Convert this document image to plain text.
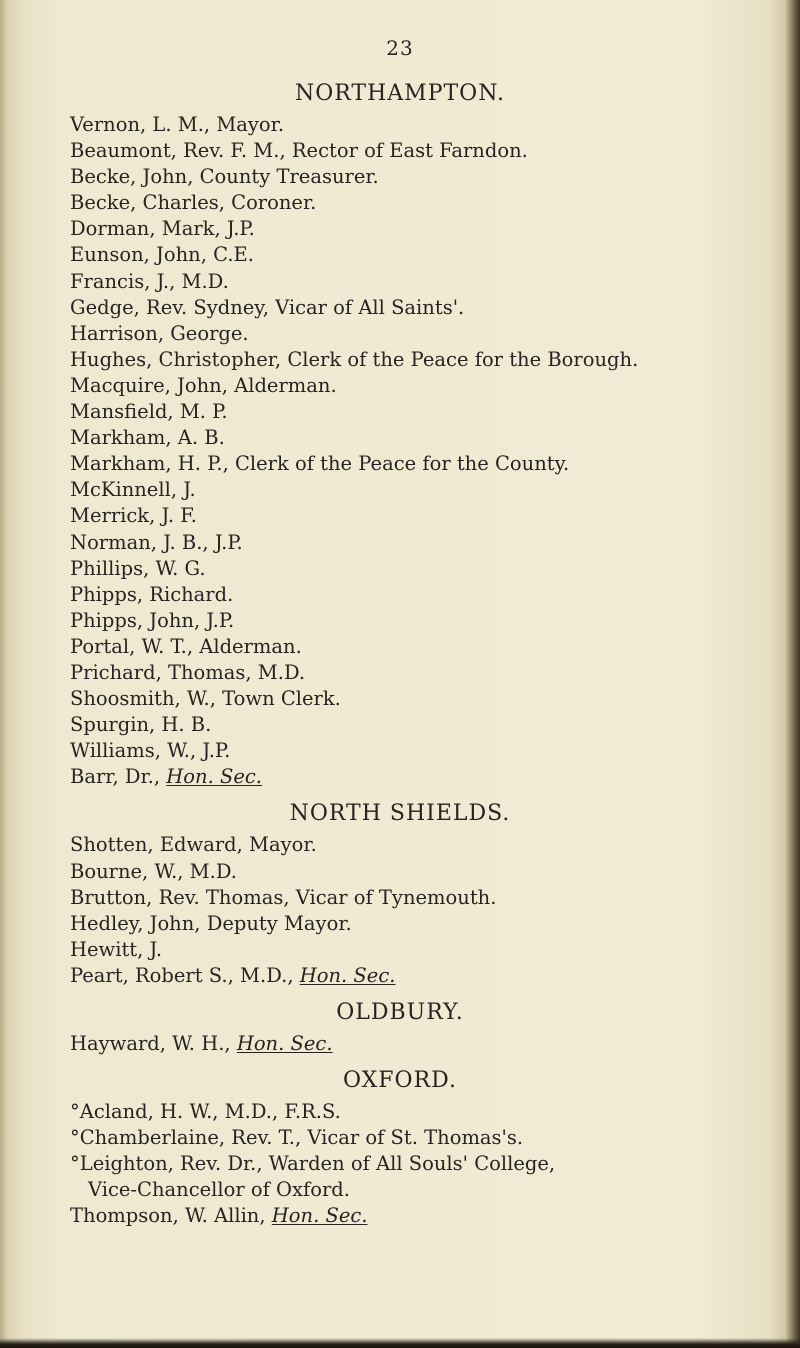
23
NORTHAMPTON.
Vernon, L. M., Mayor.
Beaumont, Rev. F. M., Rector of East Farndon.
Becke, John, County Treasurer.
Becke, Charles, Coroner.
Dorman, Mark, J.P.
Eunson, John, C.E.
Francis, J., M.D.
Gedge, Rev. Sydney, Vicar of All Saints'.
Harrison, George.
Hughes, Christopher, Clerk of the Peace for the Borough.
Macquire, John, Alderman.
Mansfield, M. P.
Markham, A. B.
Markham, H. P., Clerk of the Peace for the County.
McKinnell, J.
Merrick, J. F.
Norman, J. B., J.P.
Phillips, W. G.
Phipps, Richard.
Phipps, John, J.P.
Portal, W. T., Alderman.
Prichard, Thomas, M.D.
Shoosmith, W., Town Clerk.
Spurgin, H. B.
Williams, W., J.P.
Barr, Dr., Hon. Sec.
NORTH SHIELDS.
Shotten, Edward, Mayor.
Bourne, W., M.D.
Brutton, Rev. Thomas, Vicar of Tynemouth.
Hedley, John, Deputy Mayor.
Hewitt, J.
Peart, Robert S., M.D., Hon. Sec.
OLDBURY.
Hayward, W. H., Hon. Sec.
OXFORD.
°Acland, H. W., M.D., F.R.S.
°Chamberlaine, Rev. T., Vicar of St. Thomas's.
°Leighton, Rev. Dr., Warden of All Souls' College,
Vice-Chancellor of Oxford.
Thompson, W. Allin, Hon. Sec.
